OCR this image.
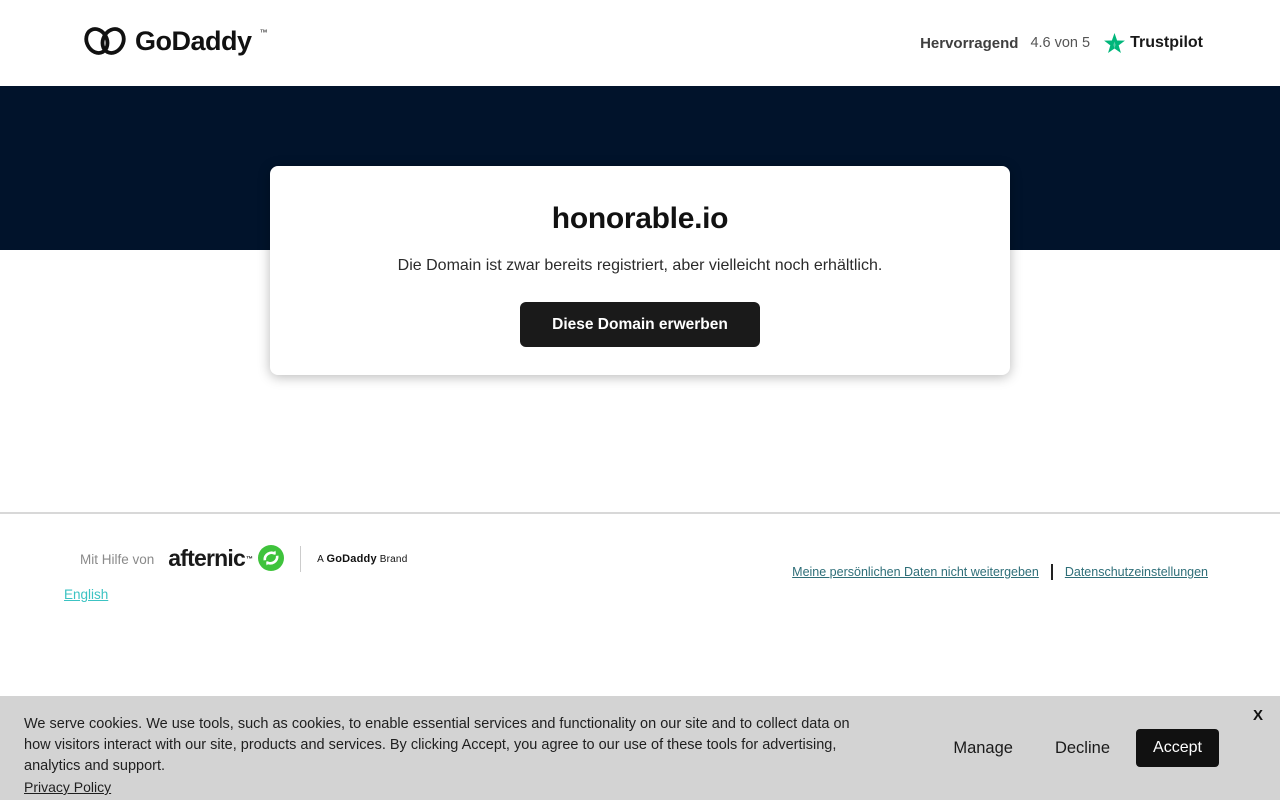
GoDaddy ™
Hervorragend 4.6 von 5	Trustpilot
honorable.io

Die Domain ist zwar bereits registriert, aber vielleicht noch erhältlich.

Diese Domain erwerben
Mit Hilfe von afternic ™	A GoDaddy Brand
Meine persönlichen Daten nicht weitergeben Datenschutzeinstellungen
English
We serve cookies. We use tools, such as cookies, to enable essential services and functionality on our site and to collect data on how visitors interact with our site, products and services. By clicking Accept, you agree to our use of these tools for advertising, analytics and support.
Privacy Policy
Manage	Decline	Accept
X
